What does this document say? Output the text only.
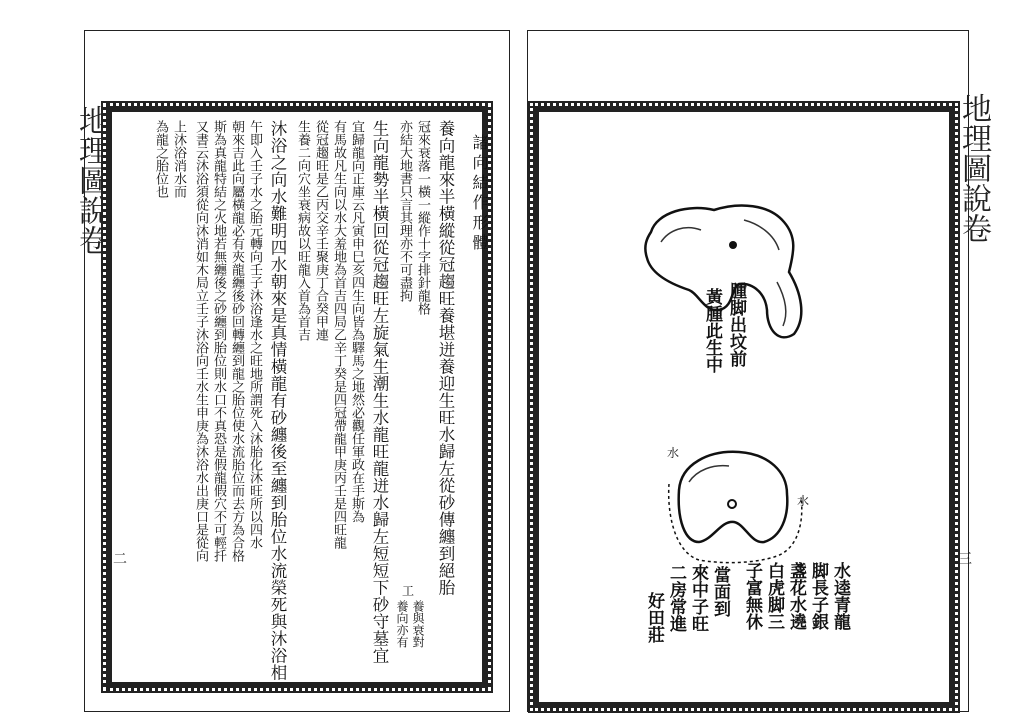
地理圖說卷	諸向結作形體
養向龍來半橫縱從冠趨旺養堪迸養迎生旺水歸左從砂傳纏到絕胎
冠來衰落一橫一縱作十字排針龍格
亦結大地書只言其理亦不可盡拘
生向龍勢半橫回從冠趨旺左旋氣生潮生水龍旺龍迸水歸左短短下砂守墓宜
宜歸龍向正庫云凡寅申巳亥四生向皆為驛馬之地然必觀任軍政在手斯為
有馬故凡生向以水大羞地為首吉四局乙辛丁癸是四冠帶龍甲庚丙壬是四旺龍
從冠趨旺是乙丙交辛壬聚庚丁合癸甲連
生養二向穴坐衰病故以旺龍入首為首吉
沐浴之向水難明四水朝來是真情橫龍有砂纏後至纏到胎位水流榮死與沐浴相
午即入壬子水之胎元轉向壬子沐浴逢水之旺地所謂死入沐胎化沐旺所以四水
朝來吉此向屬橫龍必有夾龍纏後砂回轉纏到龍之胎位使水流胎位而去方為合格
斯為真龍特結之火地若無纏後之砂纏到胎位則水口不真恐是假龍假穴不可輕扦
又書云沐浴須從向沐消如木局立壬子沐浴向壬水生申庚為沐浴水出庚口是從向
上沐浴消水而
為龍之胎位也
二
腫脚出坟前
黃腫此生中
水
水
水逵青龍
脚長子銀
盞花水遶
白虎脚三
子富無休
當面到
來中子旺
二房常進
好田莊
地理圖說卷
三
工
養與衰對
養向亦有
